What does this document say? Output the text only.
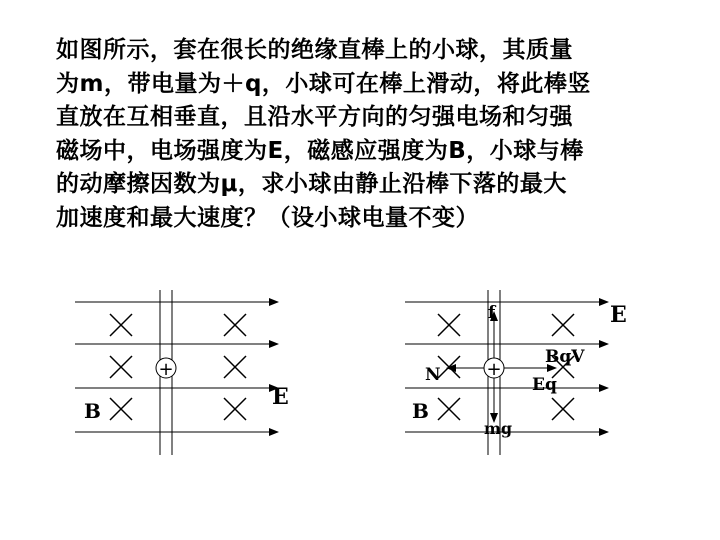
如图所示，套在很长的绝缘直棒上的小球，其质量
为m，带电量为＋q，小球可在棒上滑动，将此棒竖
直放在互相垂直，且沿水平方向的匀强电场和匀强
磁场中，电场强度为E，磁感应强度为B，小球与棒
的动摩擦因数为μ，求小球由静止沿棒下落的最大
加速度和最大速度？（设小球电量不变）
+
E
B
+
f	E
BqV
N	Eq
B
mg
